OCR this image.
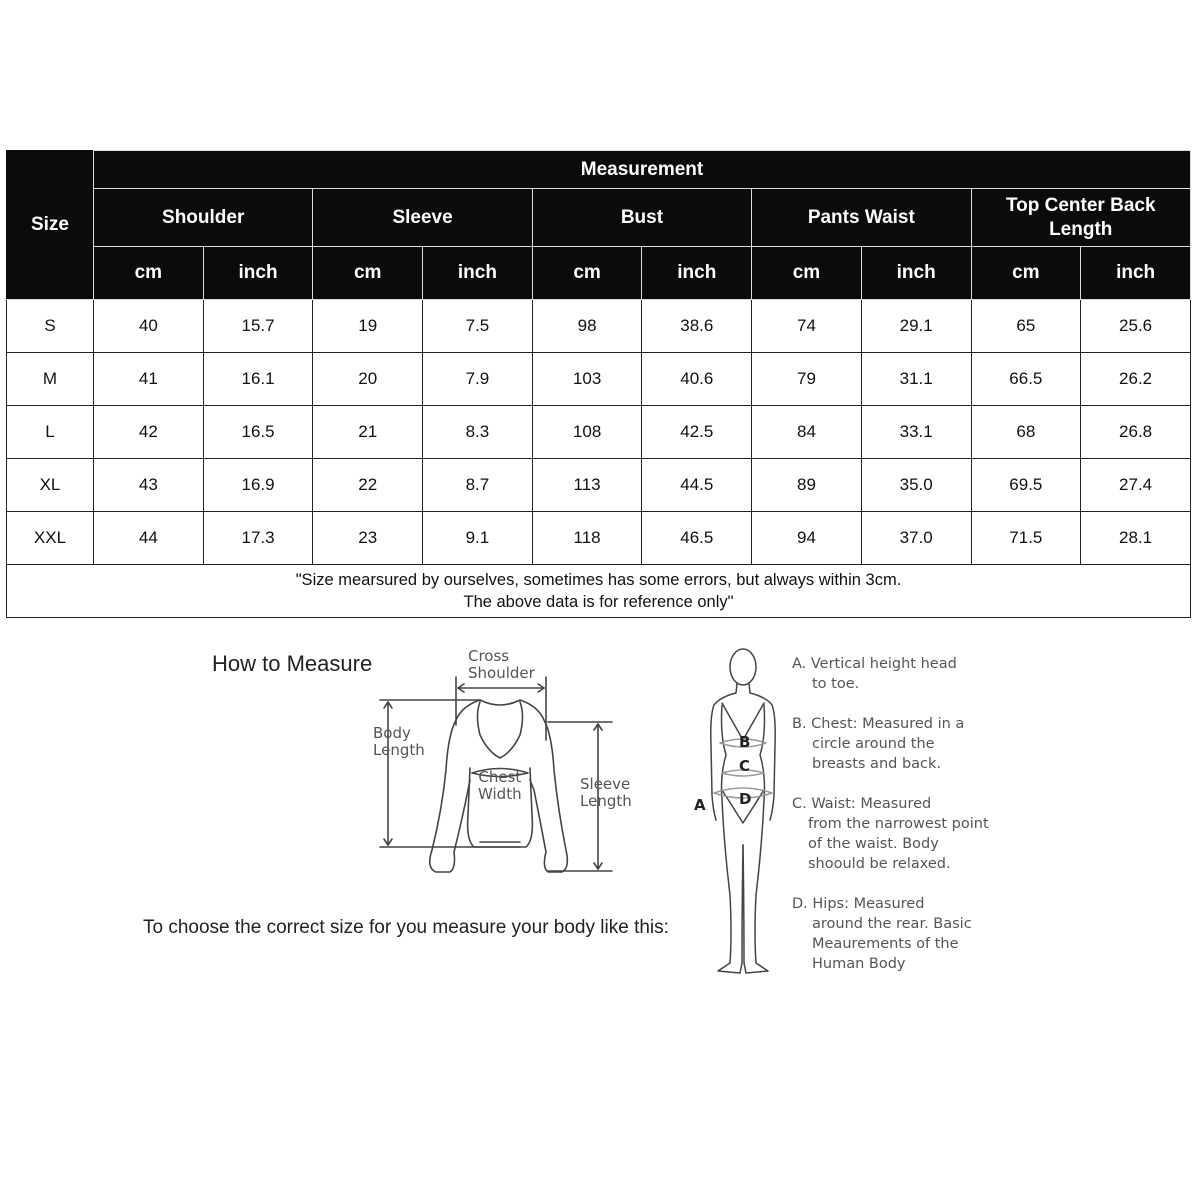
Size	Measurement									
	Shoulder		Sleeve		Bust		Pants Waist		Top Center Back Length	
	cm	inch	cm	inch	cm	inch	cm	inch	cm	inch
S	40	15.7	19	7.5	98	38.6	74	29.1	65	25.6
M	41	16.1	20	7.9	103	40.6	79	31.1	66.5	26.2
L	42	16.5	21	8.3	108	42.5	84	33.1	68	26.8
XL	43	16.9	22	8.7	113	44.5	89	35.0	69.5	27.4
XXL	44	17.3	23	9.1	118	46.5	94	37.0	71.5	28.1
"Size mearsured by ourselves, sometimes has some errors, but always within 3cm.
The above data is for reference only"										
How to Measure	Cross
Shoulder
Body
Length
Chest
Width
Sleeve
Length
To choose the correct size for you measure your body like this:
A
B
C
D

A. Vertical height head
to toe.

B. Chest: Measured in a
circle around the breasts and back.

C. Waist: Measured
from the narrowest point of the waist. Body shoould be relaxed.

D. Hips: Measured
around the rear. Basic Meaurements of the Human Body
